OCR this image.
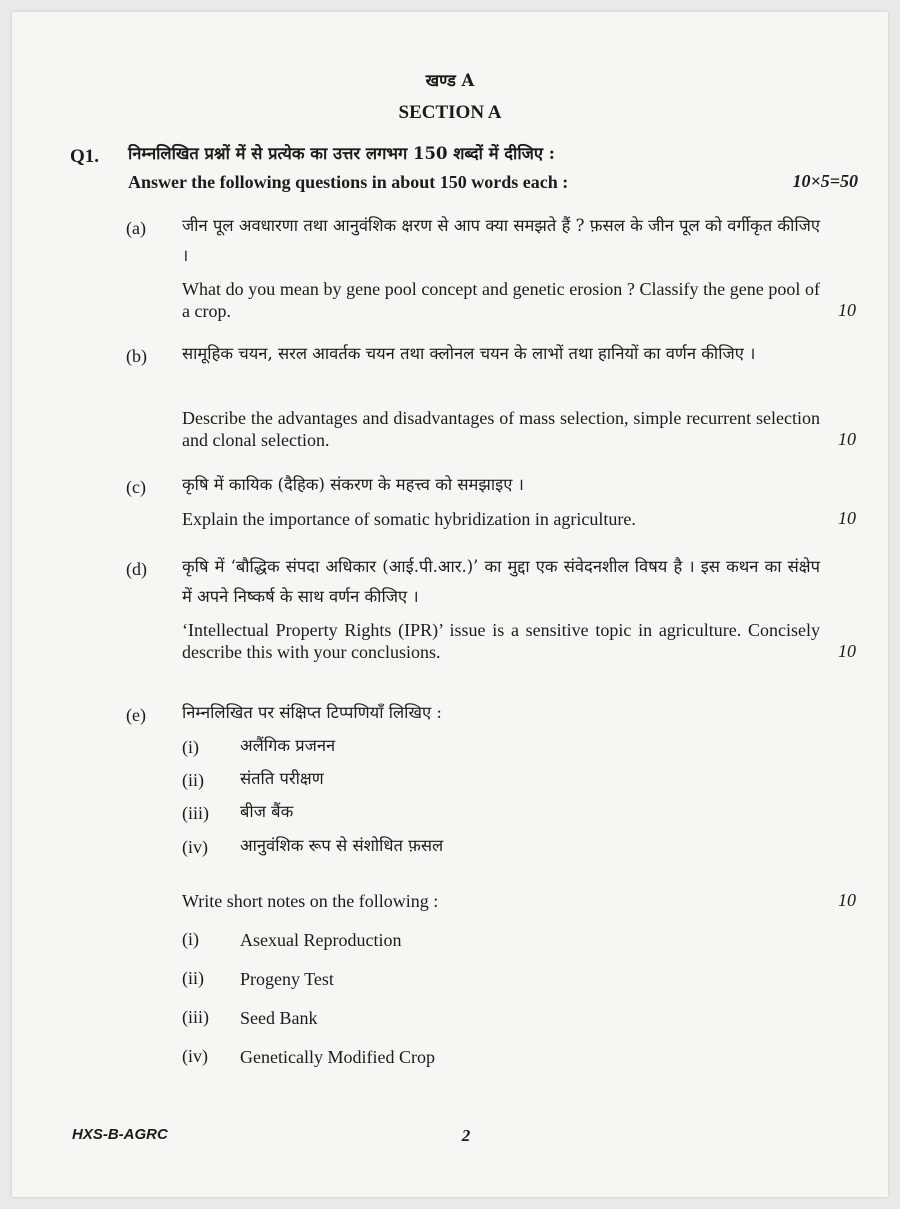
खण्ड A
SECTION A
Q1. निम्नलिखित प्रश्नों में से प्रत्येक का उत्तर लगभग 150 शब्दों में दीजिए :
Answer the following questions in about 150 words each :	10×5=50
(a) जीन पूल अवधारणा तथा आनुवंशिक क्षरण से आप क्या समझते हैं ? फ़सल के जीन पूल को वर्गीकृत कीजिए ।
What do you mean by gene pool concept and genetic erosion ? Classify the gene pool of a crop.	10
(b) सामूहिक चयन, सरल आवर्तक चयन तथा क्लोनल चयन के लाभों तथा हानियों का वर्णन कीजिए ।
Describe the advantages and disadvantages of mass selection, simple recurrent selection and clonal selection.	10
(c) कृषि में कायिक (दैहिक) संकरण के महत्त्व को समझाइए ।
Explain the importance of somatic hybridization in agriculture.	10
(d) कृषि में ‘बौद्धिक संपदा अधिकार (आई.पी.आर.)’ का मुद्दा एक संवेदनशील विषय है । इस कथन का संक्षेप में अपने निष्कर्ष के साथ वर्णन कीजिए ।
‘Intellectual Property Rights (IPR)’ issue is a sensitive topic in agriculture. Concisely describe this with your conclusions.	10
(e) निम्नलिखित पर संक्षिप्त टिप्पणियाँ लिखिए :
(i) अलैंगिक प्रजनन
(ii) संतति परीक्षण
(iii) बीज बैंक
(iv) आनुवंशिक रूप से संशोधित फ़सल
Write short notes on the following :	10
(i) Asexual Reproduction
(ii) Progeny Test
(iii) Seed Bank
(iv) Genetically Modified Crop
HXS-B-AGRC	2
